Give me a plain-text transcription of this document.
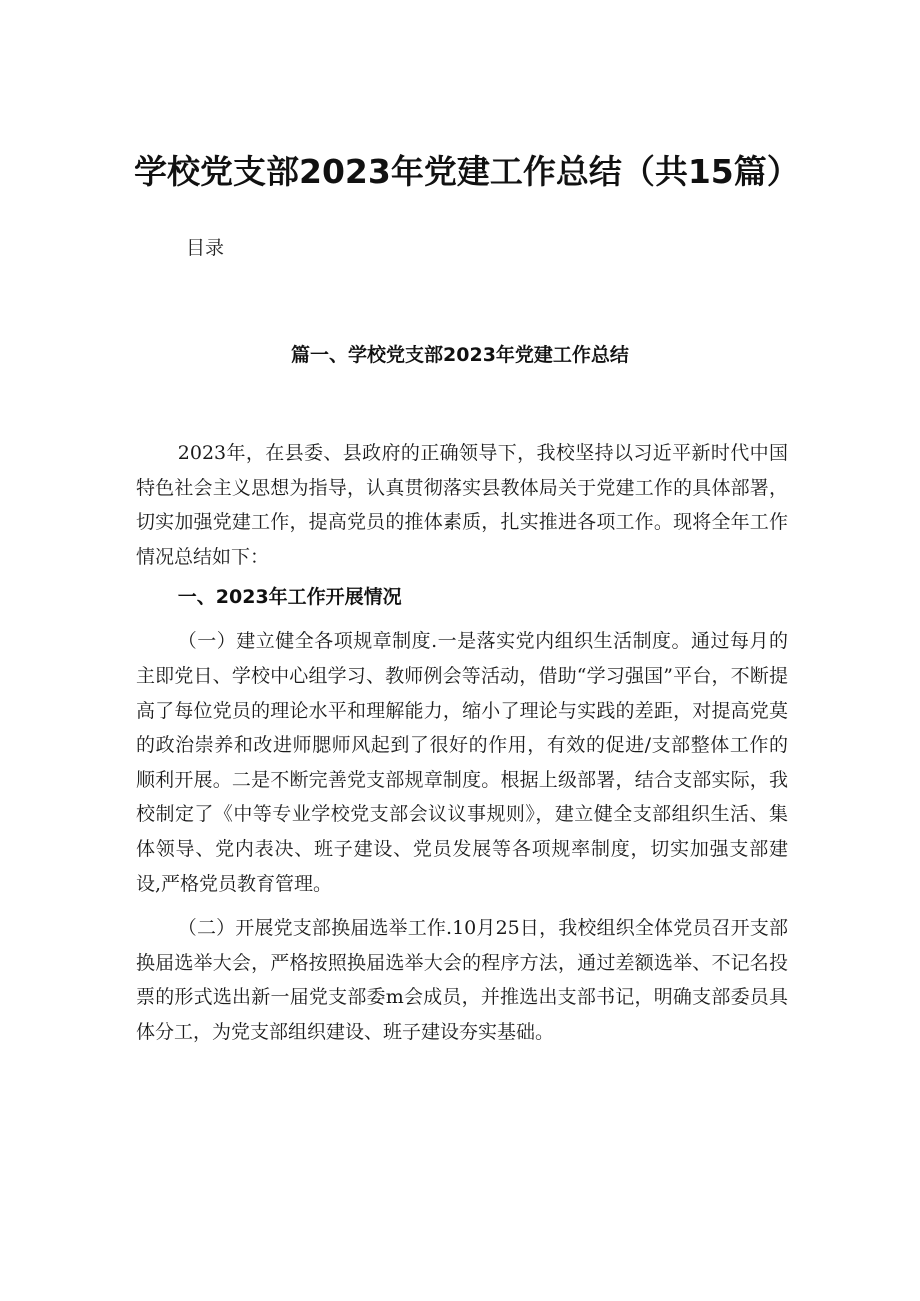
学校党支部2023年党建工作总结（共15篇）
目录
篇一、学校党支部2023年党建工作总结

2023年，在县委、县政府的正确领导下，我校坚持以习近平新时代中国特色社会主义思想为指导，认真贯彻落实县教体局关于党建工作的具体部署，切实加强党建工作，提高党员的推体素质，扎实推进各项工作。现将全年工作情况总结如下：

一、2023年工作开展情况

（一）建立健全各项规章制度.一是落实党内组织生活制度。通过每月的主即党日、学校中心组学习、教师例会等活动，借助“学习强国”平台，不断提高了每位党员的理论水平和理解能力，缩小了理论与实践的差距，对提高党莫的政治崇养和改进师腮师风起到了很好的作用，有效的促进/支部整体工作的顺利开展。二是不断完善党支部规章制度。根据上级部署，结合支部实际，我校制定了《中等专业学校党支部会议议事规则》，建立健全支部组织生活、集体领导、党内表决、班子建设、党员发展等各项规率制度，切实加强支部建设,严格党员教育管理。

（二）开展党支部换届选举工作.10月25日，我校组织全体党员召开支部换届选举大会，严格按照换届选举大会的程序方法，通过差额选举、不记名投票的形式选出新一届党支部委m会成员，并推选出支部书记，明确支部委员具体分工，为党支部组织建设、班子建设夯实基础。
